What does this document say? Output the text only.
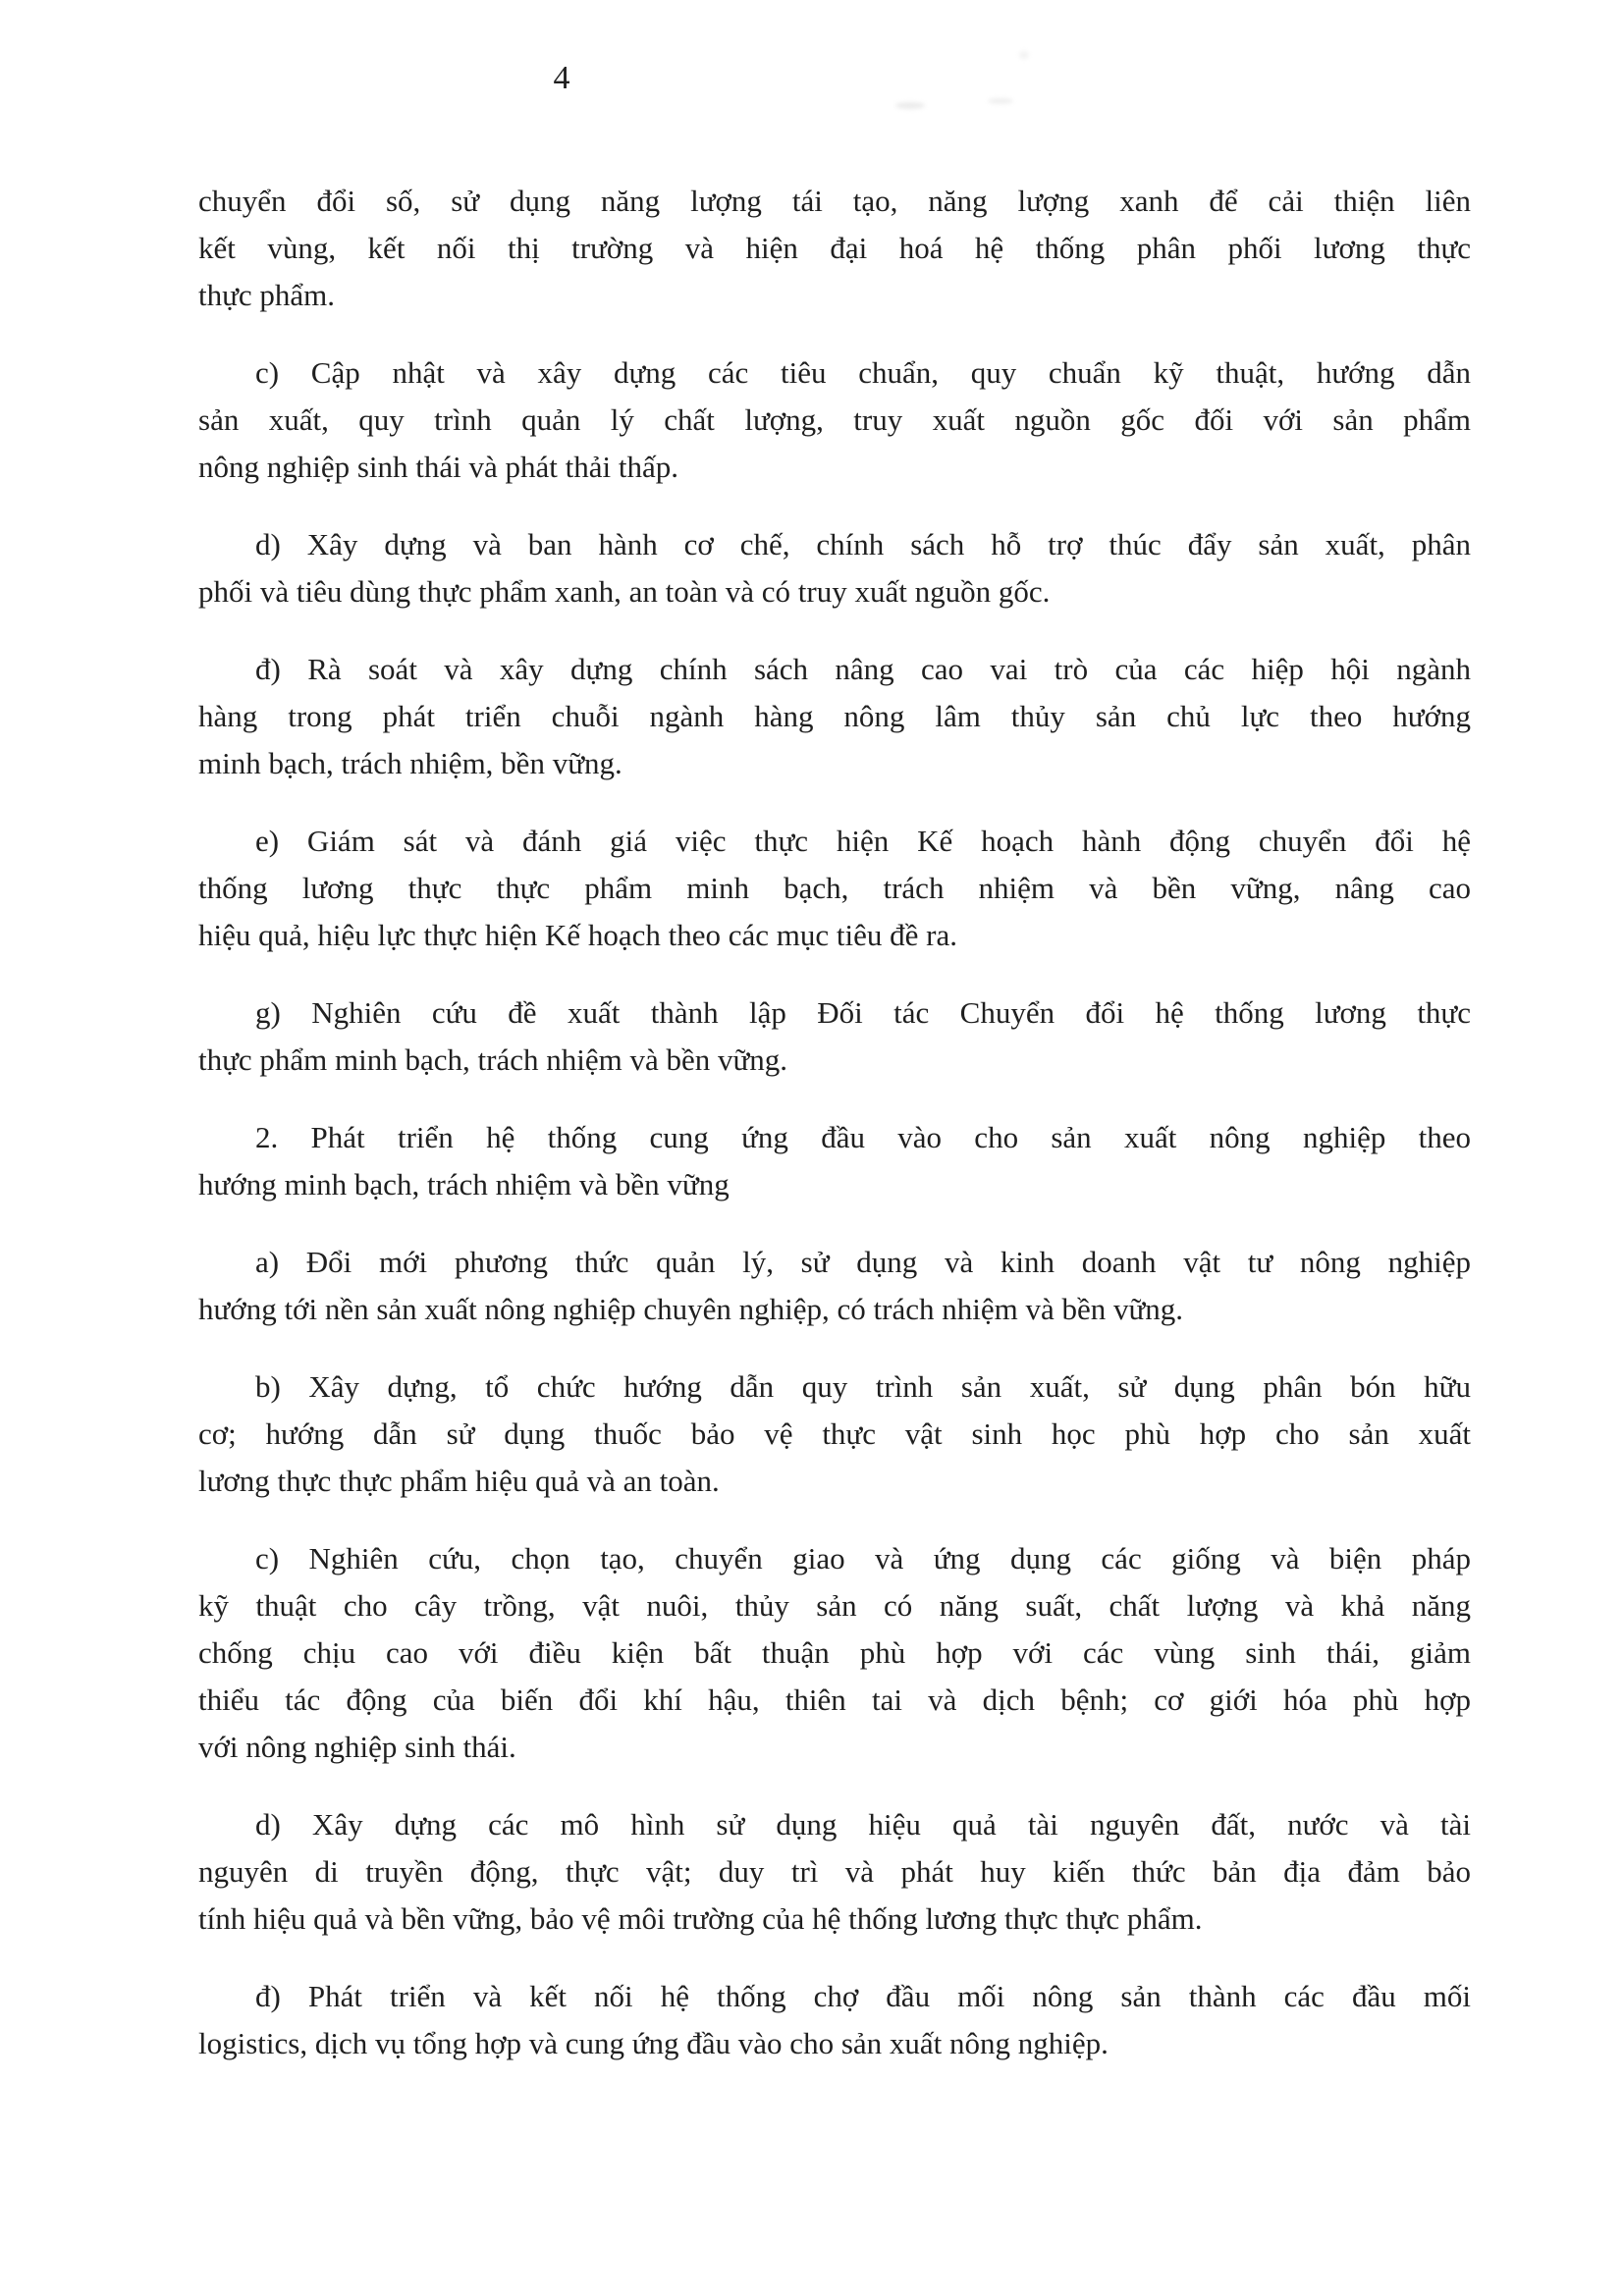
4
chuyển đổi số, sử dụng năng lượng tái tạo, năng lượng xanh để cải thiện liên
kết vùng, kết nối thị trường và hiện đại hoá hệ thống phân phối lương thực
thực phẩm.
c) Cập nhật và xây dựng các tiêu chuẩn, quy chuẩn kỹ thuật, hướng dẫn
sản xuất, quy trình quản lý chất lượng, truy xuất nguồn gốc đối với sản phẩm
nông nghiệp sinh thái và phát thải thấp.
d) Xây dựng và ban hành cơ chế, chính sách hỗ trợ thúc đẩy sản xuất, phân
phối và tiêu dùng thực phẩm xanh, an toàn và có truy xuất nguồn gốc.
đ) Rà soát và xây dựng chính sách nâng cao vai trò của các hiệp hội ngành
hàng trong phát triển chuỗi ngành hàng nông lâm thủy sản chủ lực theo hướng
minh bạch, trách nhiệm, bền vững.
e) Giám sát và đánh giá việc thực hiện Kế hoạch hành động chuyển đổi hệ
thống lương thực thực phẩm minh bạch, trách nhiệm và bền vững, nâng cao
hiệu quả, hiệu lực thực hiện Kế hoạch theo các mục tiêu đề ra.
g) Nghiên cứu đề xuất thành lập Đối tác Chuyển đổi hệ thống lương thực
thực phẩm minh bạch, trách nhiệm và bền vững.
2. Phát triển hệ thống cung ứng đầu vào cho sản xuất nông nghiệp theo
hướng minh bạch, trách nhiệm và bền vững
a) Đổi mới phương thức quản lý, sử dụng và kinh doanh vật tư nông nghiệp
hướng tới nền sản xuất nông nghiệp chuyên nghiệp, có trách nhiệm và bền vững.
b) Xây dựng, tổ chức hướng dẫn quy trình sản xuất, sử dụng phân bón hữu
cơ; hướng dẫn sử dụng thuốc bảo vệ thực vật sinh học phù hợp cho sản xuất
lương thực thực phẩm hiệu quả và an toàn.
c) Nghiên cứu, chọn tạo, chuyển giao và ứng dụng các giống và biện pháp
kỹ thuật cho cây trồng, vật nuôi, thủy sản có năng suất, chất lượng và khả năng
chống chịu cao với điều kiện bất thuận phù hợp với các vùng sinh thái, giảm
thiểu tác động của biến đổi khí hậu, thiên tai và dịch bệnh; cơ giới hóa phù hợp
với nông nghiệp sinh thái.
d) Xây dựng các mô hình sử dụng hiệu quả tài nguyên đất, nước và tài
nguyên di truyền động, thực vật; duy trì và phát huy kiến thức bản địa đảm bảo
tính hiệu quả và bền vững, bảo vệ môi trường của hệ thống lương thực thực phẩm.
đ) Phát triển và kết nối hệ thống chợ đầu mối nông sản thành các đầu mối
logistics, dịch vụ tổng hợp và cung ứng đầu vào cho sản xuất nông nghiệp.
